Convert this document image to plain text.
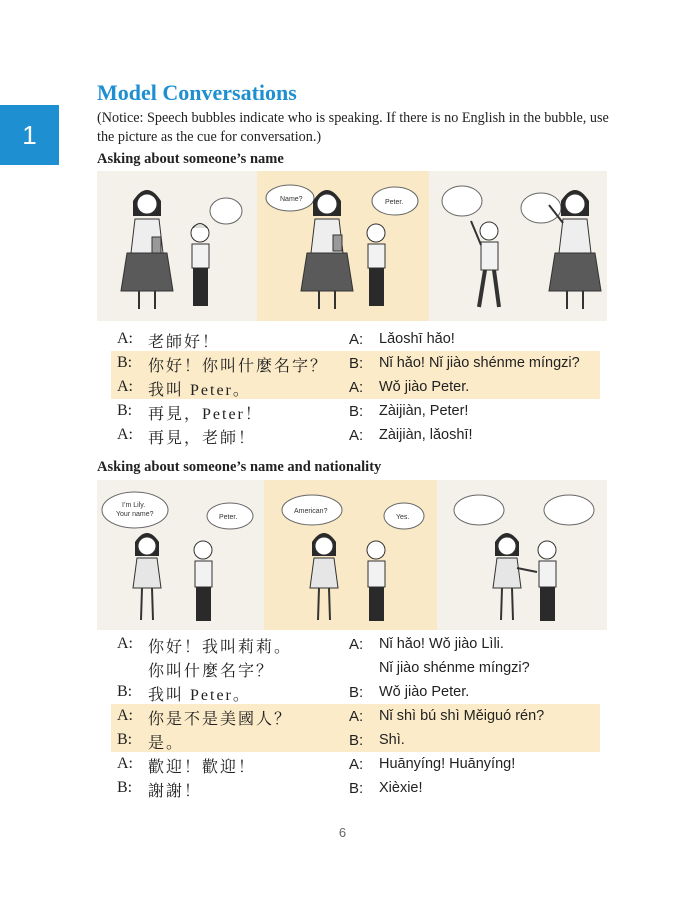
1
Model Conversations
(Notice: Speech bubbles indicate who is speaking. If there is no English in the bubble, use the picture as the cue for conversation.)
Asking about someone’s name
Name?	Peter.
A: 老師好！	A: Lǎoshī hǎo!
B: 你好！你叫什麼名字？ B: Nǐ hǎo! Nǐ jiào shénme míngzi?
A: 我叫 Peter。	A: Wǒ jiào Peter.
B: 再見，Peter！	B: Zàijiàn, Peter!
A: 再見，老師！	A: Zàijiàn, lǎoshī!
Asking about someone’s name and nationality
I’m Lily.
Your name?	Peter.
American?
Yes.
A: 你好！我叫莉莉。	A: Nǐ hǎo! Wǒ jiào Lìli.
你叫什麼名字？	Nǐ jiào shénme míngzi?
B: 我叫 Peter。	B: Wǒ jiào Peter.
A: 你是不是美國人？	A: Nǐ shì bú shì Měiguó rén?
B: 是。	B: Shì.
A: 歡迎！歡迎！	A: Huānyíng! Huānyíng!
B: 謝謝！	B: Xièxie!
6
